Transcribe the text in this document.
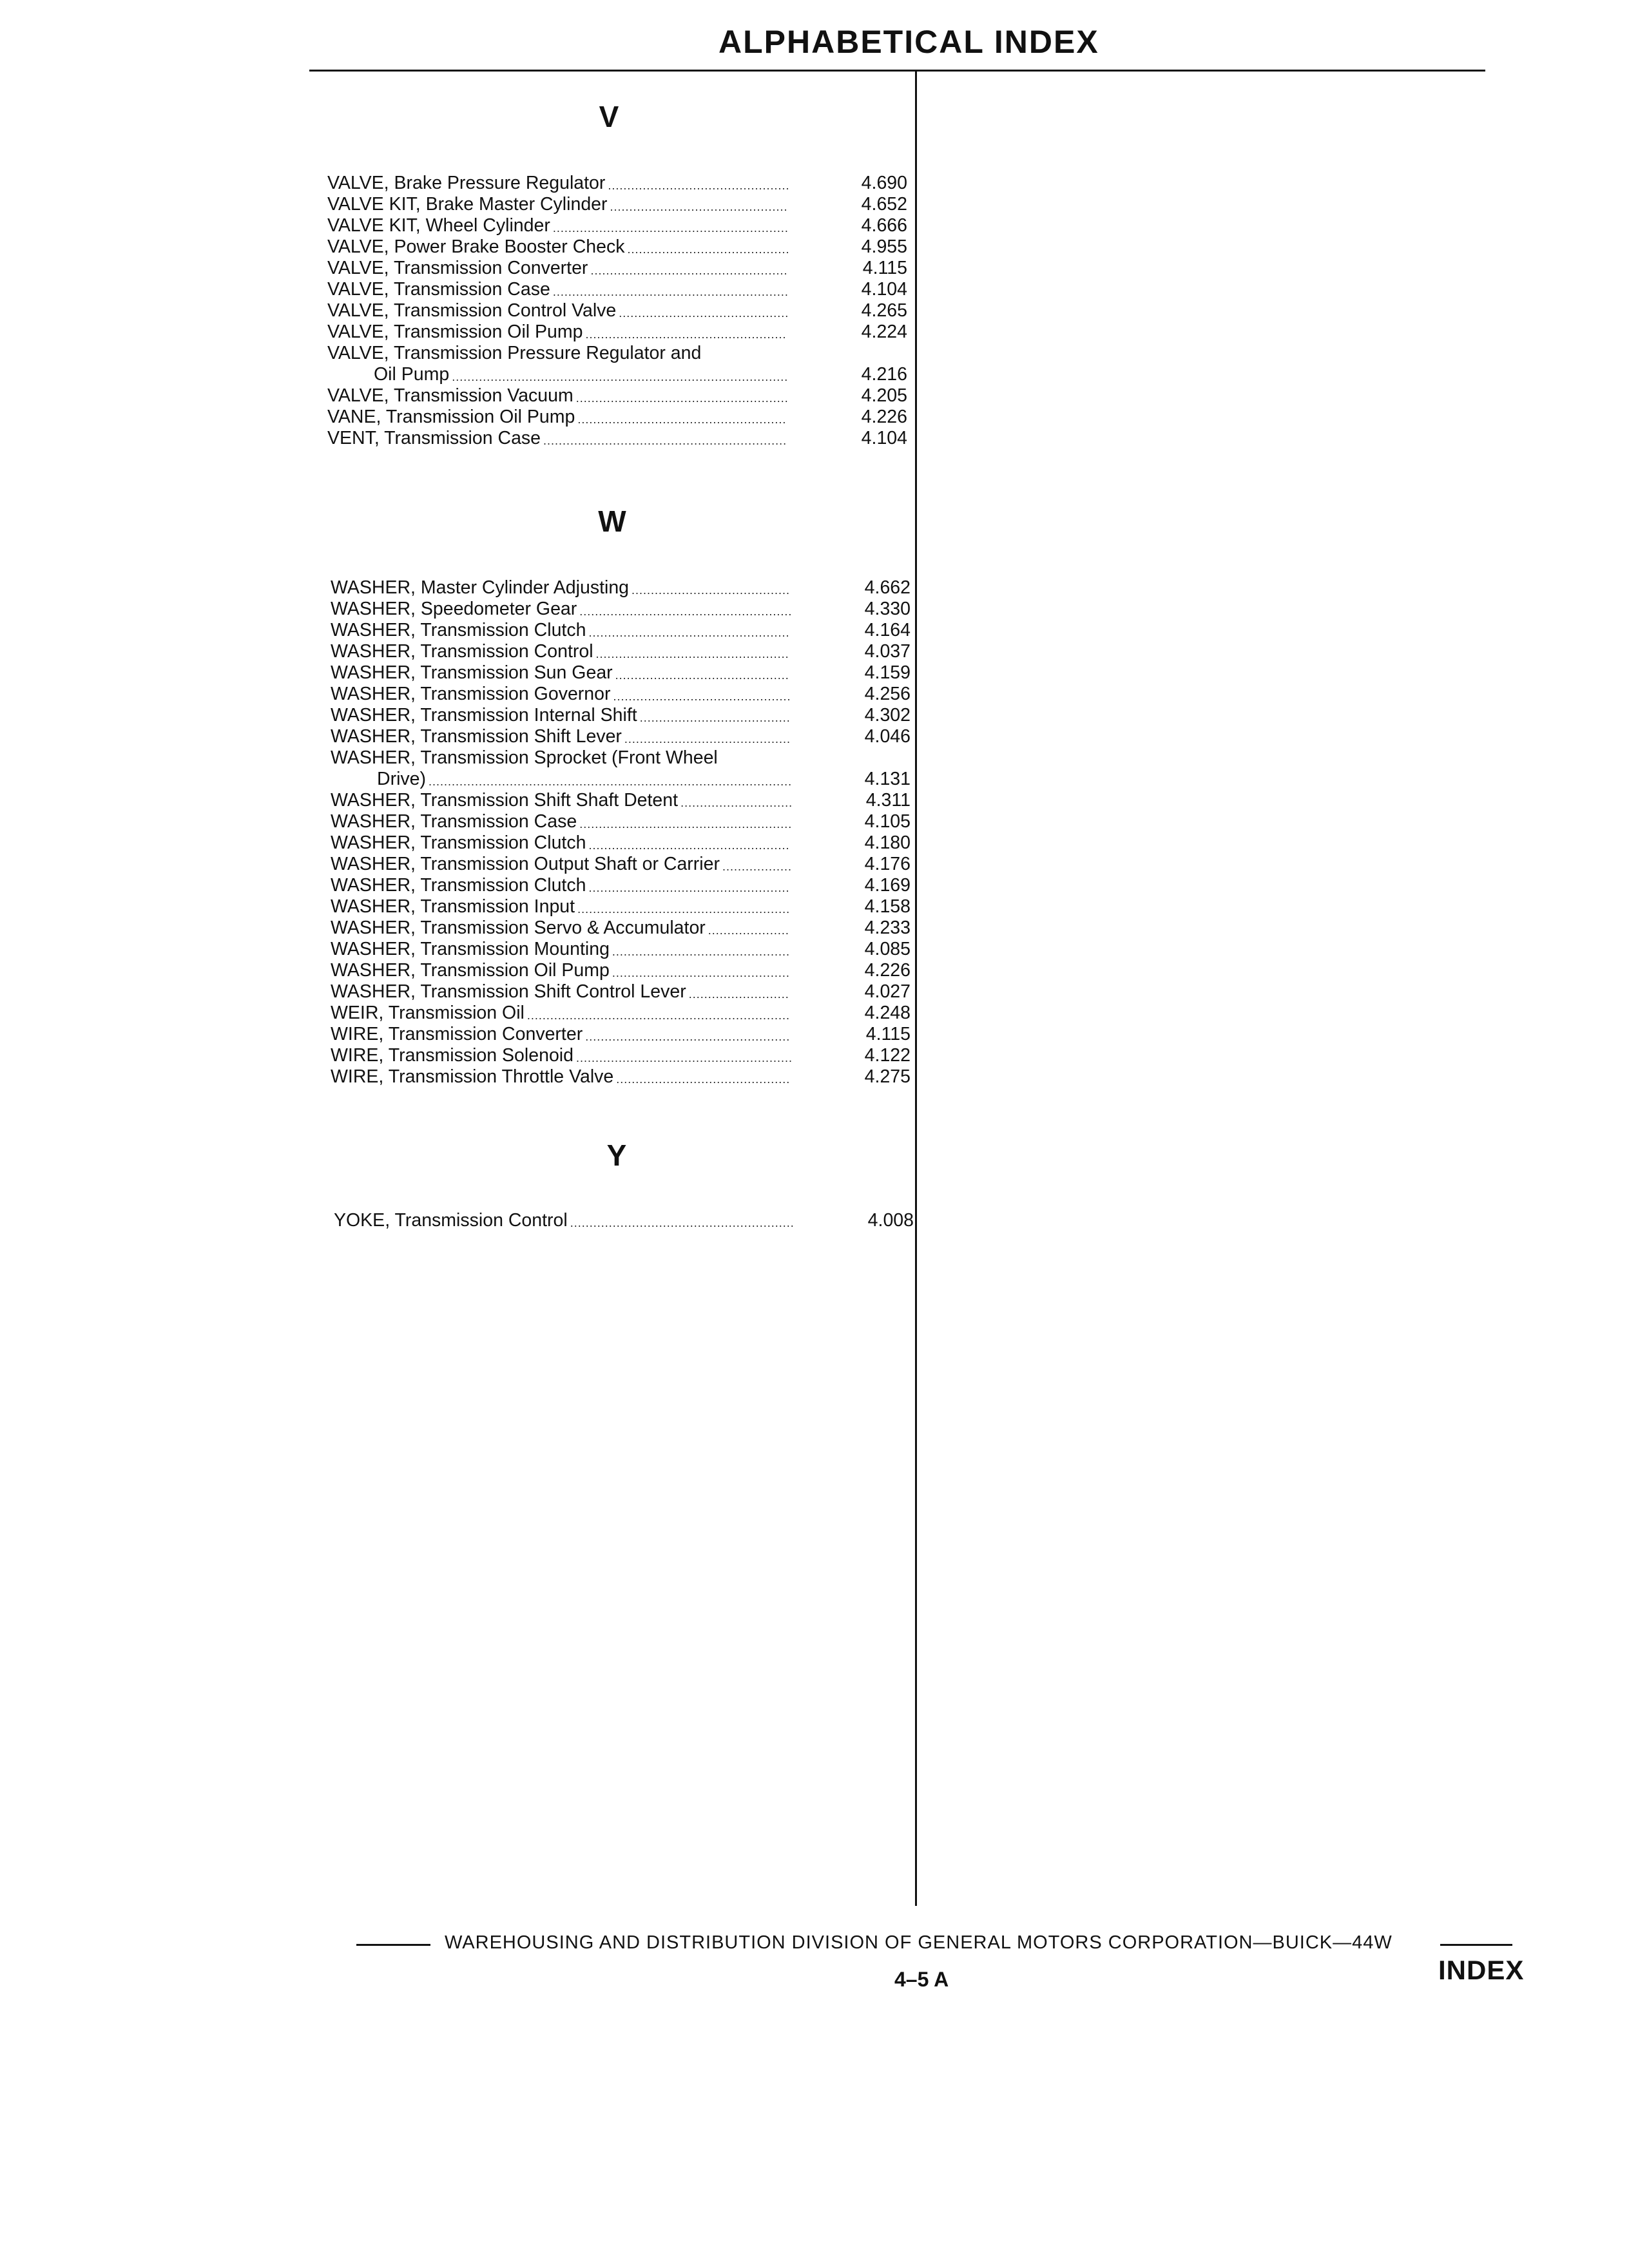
ALPHABETICAL INDEX
V
VALVE, Brake Pressure Regulator ...............................................	4.690
VALVE KIT, Brake Master Cylinder ..............................................	4.652
VALVE KIT, Wheel Cylinder .............................................................	4.666
VALVE, Power Brake Booster Check ..........................................	4.955
VALVE, Transmission Converter ...................................................	4.115
VALVE, Transmission Case .............................................................	4.104
VALVE, Transmission Control Valve ............................................	4.265
VALVE, Transmission Oil Pump ....................................................	4.224
VALVE, Transmission Pressure Regulator and
Oil Pump .......................................................................................	4.216
VALVE, Transmission Vacuum .......................................................	4.205
VANE, Transmission Oil Pump ......................................................	4.226
VENT, Transmission Case ...............................................................	4.104
W
WASHER, Master Cylinder Adjusting .........................................	4.662
WASHER, Speedometer Gear .......................................................	4.330
WASHER, Transmission Clutch ....................................................	4.164
WASHER, Transmission Control ..................................................	4.037
WASHER, Transmission Sun Gear .............................................	4.159
WASHER, Transmission Governor ..............................................	4.256
WASHER, Transmission Internal Shift .......................................	4.302
WASHER, Transmission Shift Lever ...........................................	4.046
WASHER, Transmission Sprocket (Front Wheel
Drive) ..............................................................................................	4.131
WASHER, Transmission Shift Shaft Detent .............................	4.311
WASHER, Transmission Case .......................................................	4.105
WASHER, Transmission Clutch ....................................................	4.180
WASHER, Transmission Output Shaft or Carrier ..................	4.176
WASHER, Transmission Clutch ....................................................	4.169
WASHER, Transmission Input .......................................................	4.158
WASHER, Transmission Servo & Accumulator .....................	4.233
WASHER, Transmission Mounting ..............................................	4.085
WASHER, Transmission Oil Pump ..............................................	4.226
WASHER, Transmission Shift Control Lever ..........................	4.027
WEIR, Transmission Oil ....................................................................	4.248
WIRE, Transmission Converter .....................................................	4.115
WIRE, Transmission Solenoid ........................................................	4.122
WIRE, Transmission Throttle Valve .............................................	4.275
Y
YOKE, Transmission Control ..........................................................	4.008
WAREHOUSING AND DISTRIBUTION DIVISION OF GENERAL MOTORS CORPORATION—BUICK—44W
4–5 A	INDEX
